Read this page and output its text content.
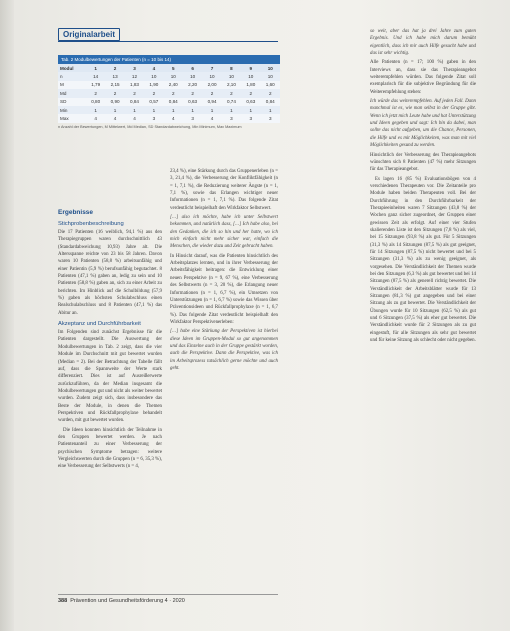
Originalarbeit
Tab. 2 Modulbewertungen der Patienten (n = 10 bis 14)
Modul	1	2	3	4	5	6	7	8	9	10
n	14	13	12	10	10	10	10	10	10	10
M	1,79	2,15	1,83	1,90	2,40	2,20	2,00	2,10	1,80	1,60
Md	2	2	2	2	2	2	2	2	2	2
SD	0,80	0,90	0,84	0,57	0,84	0,63	0,94	0,74	0,63	0,84
Min	1	1	1	1	1	1	1	1	1	1
Max	4	4	4	3	4	3	4	3	3	3
n Anzahl der Bewertungen, M Mittelwert, Md Median, SD Standardabweichung, Min Minimum, Max Maximum
Ergebnisse
Stichprobenbeschreibung

Die 17 Patienten (16 weiblich, 94,1 %) aus den Therapiegruppen waren durchschnittlich 43 (Standardabweichung 10,93) Jahre alt. Die Altersspanne reichte von 23 bis 58 Jahren. Davon waren 10 Patienten (58,8 %) arbeitsunfähig und einer Patientin (5,9 %) berufsunfähig begutachtet. 8 Patienten (47,1 %) gaben an, ledig zu sein und 10 Patienten (58,8 %) gaben an, sich zu einer Arbeit zu berichten. Im Hinblick auf die Schulbildung (57,9 %) gaben als höchsten Schulabschluss einen Realschulabschluss und 8 Patienten (47,1 %) das Abitur an.

Akzeptanz und Durchführbarkeit

Im Folgenden sind zunächst Ergebnisse für die Patienten dargestellt. Die Auswertung der Modulbewertungen in Tab. 2 zeigt, dass die vier Module im Durchschnitt mit gut bewertet wurden (Median = 2). Bei der Betrachtung der Tabelle fällt auf, dass die Spannweite der Werte stark differenziert. Dies ist auf Ausreißerwerte zurückzuführen, da der Median insgesamt die Modulbewertungen gut und nicht als weiter bewertet wurden. Zudem zeigt sich, dass insbesondere das Beste der Module, in denen die Themen Perspektiven und Rückfallprophylaxe behandelt wurden, mit gut bewertet wurden.

Die Ideen konnten hinsichtlich der Teilnahme in den Gruppen bewertet werden. Je nach Patientenanteil zu einer Verbesserung der psychischen Symptome betragen: weitere Vergleichswerten durch die Gruppen (n = 6, 35,3 %), eine Verbesserung der Selbstwerts (n = 4,

23,4 %), eine Stärkung durch das Gruppenerleben (n = 3, 21,4 %), die Verbesserung der Konfliktfähigkeit (n = 1, 7,1 %), die Reduzierung weiterer Ängste (n = 1, 7,1 %), sowie das Erlangen wichtiger neuer Informationen (n = 1, 7,1 %). Das folgende Zitat verdeutlicht beispielhaft den Wirkfaktor Selbstwert.

[…] also ich möchte, habe ich unter Selbstwert bekommen, und natürlich dass, […] Ich habe also, bei den Gedanken, die ich so hin und her hatte, wo ich mich einfach nicht mehr sicher war, einfach die Menschen, die wieder dazu und Zeit gebracht haben.

In Hinsicht darauf, was die Patienten hinsichtlich des Arbeitsplatzes lernten, und in ihrer Verbesserung der Arbeitsfähigkeit beitragen: die Entwicklung einer neuen Perspektive (n = 9, 67 %), eine Verbesserung des Selbstwerts (n = 3, 20 %), die Erlangung neuer Informationen (n = 1, 6,7 %), ein Umsetzen von Unterstützungen (n = 1, 6,7 %) sowie das Wissen über Präventionsideen und Rückfallprophylaxe (n = 1, 6,7 %). Das folgende Zitat verdeutlicht beispielhaft den Wirkfaktor Perspektivenerleben:

[…] habe eine Stärkung der Perspektiven ist hierbei diese Ideen im Gruppen-Modul so gut angenommen und das Einzelne auch in der Gruppe gestärkt worden, auch die Perspektive. Dann die Perspektive, was ich im Arbeitsprozess tatsächlich gerne möchte und auch geht.
so weit, aber das hat ja drei Jahre zum guten Ergebnis. Und ich habe mich darum bemüht eigentlich, dass ich mir auch Hilfe gesucht habe und das ist sehr wichtig.

Alle Patienten (n = 17; 100 %) gaben in den Interviews an, dass sie das Therapieangebot weiterempfehlen würden. Das folgende Zitat soll exemplarisch für die subjektive Begründung für die Weiterempfehlung stehen:

Ich würde das weiterempfehlen. Auf jeden Fall. Dann manchmal ist es, wie man selbst in der Gruppe gibt. Wenn ich jetzt mich Leute habe und hat Unterstützung und Ideen gegeben und sagt: Ich bin da dabei, man sollte das nicht aufgeben, um die Chance, Personen, die Hilfe und es mit Möglichkeiten, was man mit viel Möglichkeiten gesund zu werden.

Hinsichtlich der Verbesserung des Therapieangebots wünschten sich 8 Patienten (47 %) mehr Sitzungen für das Therapieangebot.

Es lagen 16 (85 %) Evaluationsbögen von 4 verschiedenen Therapeuten vor. Die Zeitanteile pro Module haben beiden Therapeuten voll. Bei der Durchführung in den Durchführbarkeit der Therapieeinheiten waren 7 Sitzungen (43,8 %) der Wochen ganz sicher zugeordnet, der Gruppen einer gewissen Zeit als erfolgt. Auf einer vier Stufen skalierenden Liste ist den Sitzungen (7,8 %) als viel, bei 15 Sitzungen (93,8 %) als gut. Für 5 Sitzungen (31,3 %) als 14 Sitzungen (87,5 %) als gut geeignet, für 14 Sitzungen (87,5 %) nicht bewertet und bei 5 Sitzungen (31,3 %) als zu wenig geeignet, als vorgesehen. Die Verständlichkeit der Themen wurde bei den Sitzungen (6,3 %) als gut bewertet und bei 14 Sitzungen (87,5 %) als generell richtig bewertet. Die Verständlichkeit der Arbeitsblätter wurde für 13 Sitzungen (81,3 %) gut angegeben und bei einer Sitzung als zu gut bewertet. Die Verständlichkeit der Übungen wurde für 10 Sitzungen (62,5 %) als gut und 6 Sitzungen (37,5 %) als eher gut bewertet. Die Verständlichkeit wurde für 2 Sitzungen als zu gut eingestuft, für alle Sitzungen als sehr gut bewertet und für keine Sitzung als schlecht oder nicht gegeben.

388 Prävention und Gesundheitsförderung 4 · 2020
